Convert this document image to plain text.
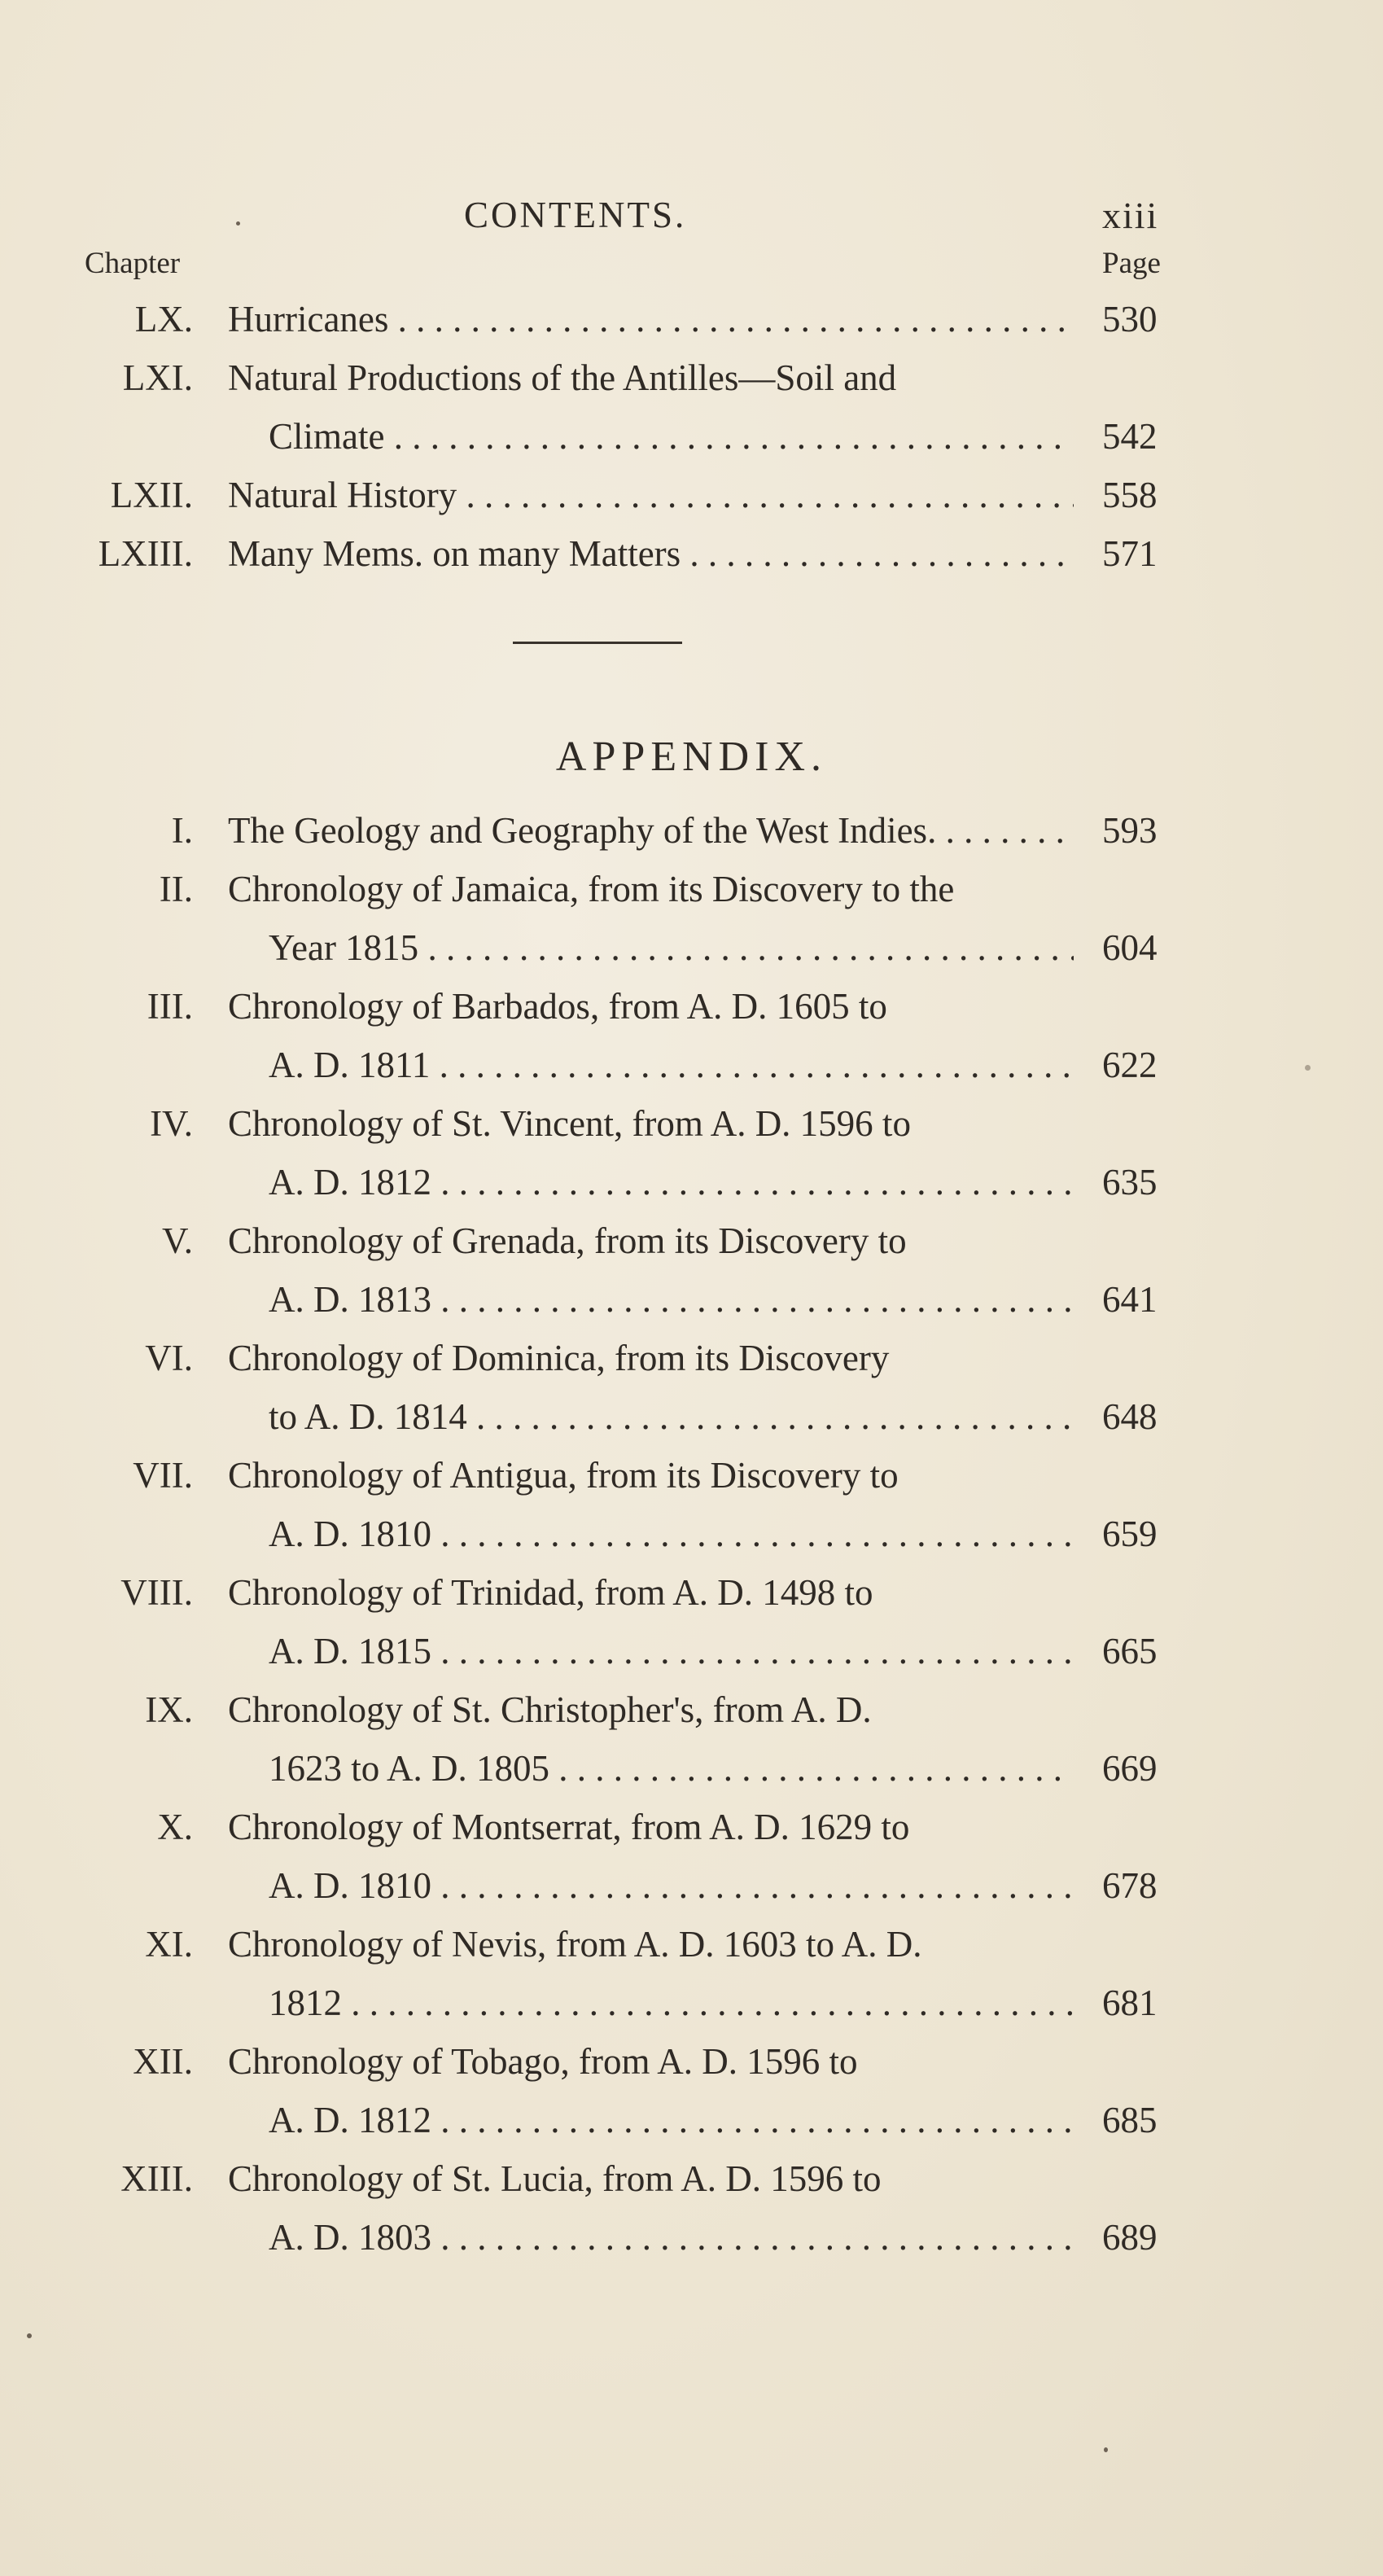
CONTENTS.	xiii
Chapter	Page
LX. Hurricanes . . .	530
LXI. Natural Productions of the Antilles—Soil and
Climate . . .	542
LXII. Natural History . . .	558
LXIII. Many Mems. on many Matters . . .	571
APPENDIX.
I. The Geology and Geography of the West Indies. . . .	593
II. Chronology of Jamaica, from its Discovery to the
Year 1815 . . .	604
III. Chronology of Barbados, from A. D. 1605 to
A. D. 1811 . . .	622
IV. Chronology of St. Vincent, from A. D. 1596 to
A. D. 1812 . . .	635
V. Chronology of Grenada, from its Discovery to
A. D. 1813 . . .	641
VI. Chronology of Dominica, from its Discovery
to A. D. 1814 . . .	648
VII. Chronology of Antigua, from its Discovery to
A. D. 1810 . . .	659
VIII. Chronology of Trinidad, from A. D. 1498 to
A. D. 1815 . . .	665
IX. Chronology of St. Christopher's, from A. D.
1623 to A. D. 1805 . . .	669
X. Chronology of Montserrat, from A. D. 1629 to
A. D. 1810 . . .	678
XI. Chronology of Nevis, from A. D. 1603 to A. D.
1812 . . .	681
XII. Chronology of Tobago, from A. D. 1596 to
A. D. 1812 . . .	685
XIII. Chronology of St. Lucia, from A. D. 1596 to
A. D. 1803 . . .	689
